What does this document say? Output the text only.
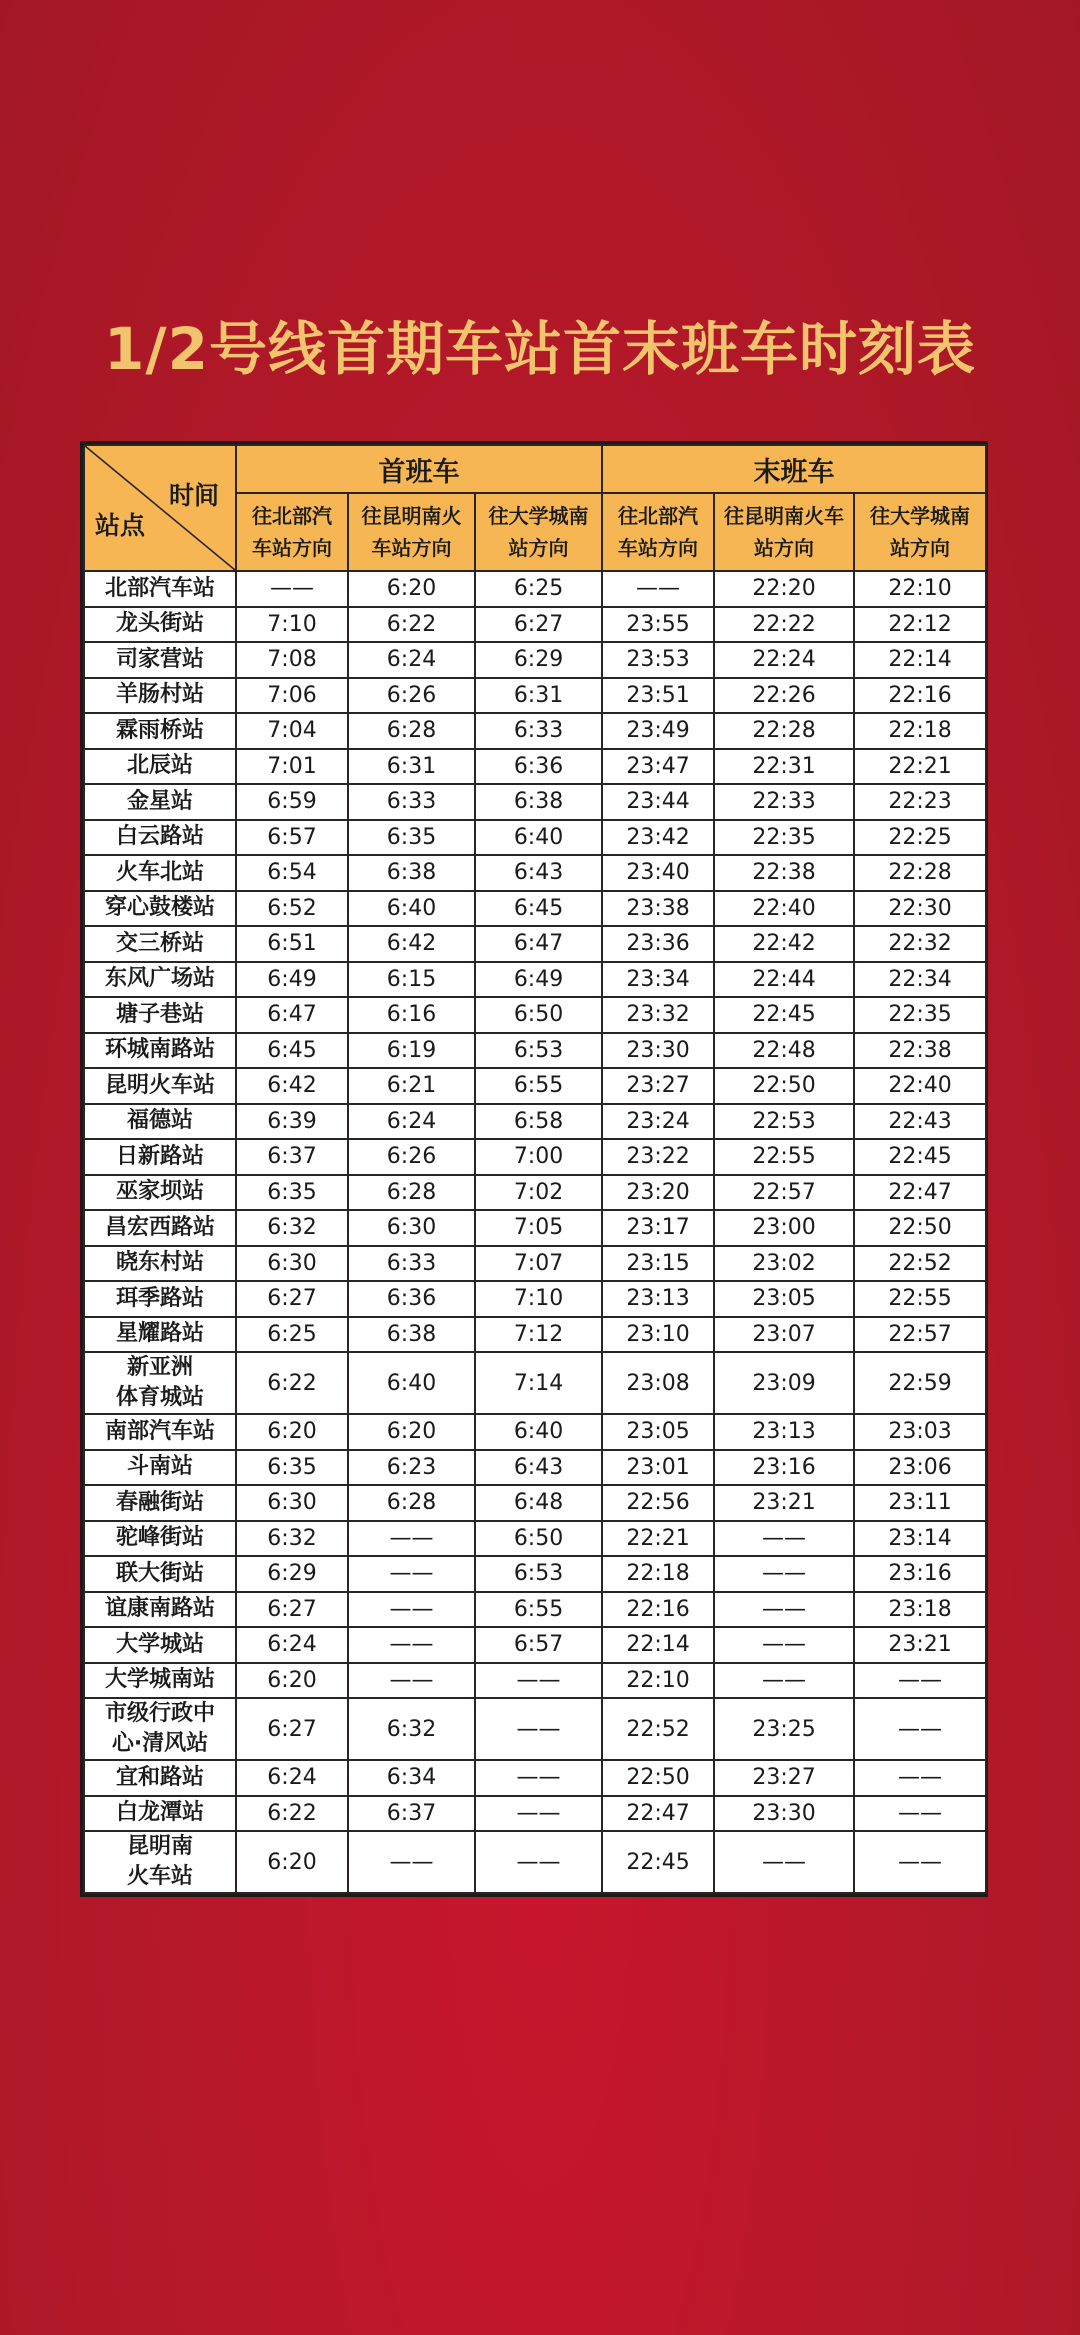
1/2号线首期车站首末班车时刻表
时间
站点	首班车			末班车		
	往北部汽车站方向	往昆明南火车站方向	往大学城南站方向	往北部汽车站方向	往昆明南火车站方向	往大学城南站方向
北部汽车站	——	6:20	6:25	——	22:20	22:10
龙头街站	7:10	6:22	6:27	23:55	22:22	22:12
司家营站	7:08	6:24	6:29	23:53	22:24	22:14
羊肠村站	7:06	6:26	6:31	23:51	22:26	22:16
霖雨桥站	7:04	6:28	6:33	23:49	22:28	22:18
北辰站	7:01	6:31	6:36	23:47	22:31	22:21
金星站	6:59	6:33	6:38	23:44	22:33	22:23
白云路站	6:57	6:35	6:40	23:42	22:35	22:25
火车北站	6:54	6:38	6:43	23:40	22:38	22:28
穿心鼓楼站	6:52	6:40	6:45	23:38	22:40	22:30
交三桥站	6:51	6:42	6:47	23:36	22:42	22:32
东风广场站	6:49	6:15	6:49	23:34	22:44	22:34
塘子巷站	6:47	6:16	6:50	23:32	22:45	22:35
环城南路站	6:45	6:19	6:53	23:30	22:48	22:38
昆明火车站	6:42	6:21	6:55	23:27	22:50	22:40
福德站	6:39	6:24	6:58	23:24	22:53	22:43
日新路站	6:37	6:26	7:00	23:22	22:55	22:45
巫家坝站	6:35	6:28	7:02	23:20	22:57	22:47
昌宏西路站	6:32	6:30	7:05	23:17	23:00	22:50
晓东村站	6:30	6:33	7:07	23:15	23:02	22:52
珥季路站	6:27	6:36	7:10	23:13	23:05	22:55
星耀路站	6:25	6:38	7:12	23:10	23:07	22:57

新亚洲
体育城站	6:22	6:40	7:14	23:08	23:09	22:59
南部汽车站	6:20	6:20	6:40	23:05	23:13	23:03
斗南站	6:35	6:23	6:43	23:01	23:16	23:06
春融街站	6:30	6:28	6:48	22:56	23:21	23:11
驼峰街站	6:32	——	6:50	22:21	——	23:14
联大街站	6:29	——	6:53	22:18	——	23:16
谊康南路站	6:27	——	6:55	22:16	——	23:18
大学城站	6:24	——	6:57	22:14	——	23:21
大学城南站	6:20	——	——	22:10	——	——

市级行政中
心·清风站	6:27	6:32	——	22:52	23:25	——
宜和路站	6:24	6:34	——	22:50	23:27	——
白龙潭站	6:22	6:37	——	22:47	23:30	——

昆明南
火车站	6:20	——	——	22:45	——	——
